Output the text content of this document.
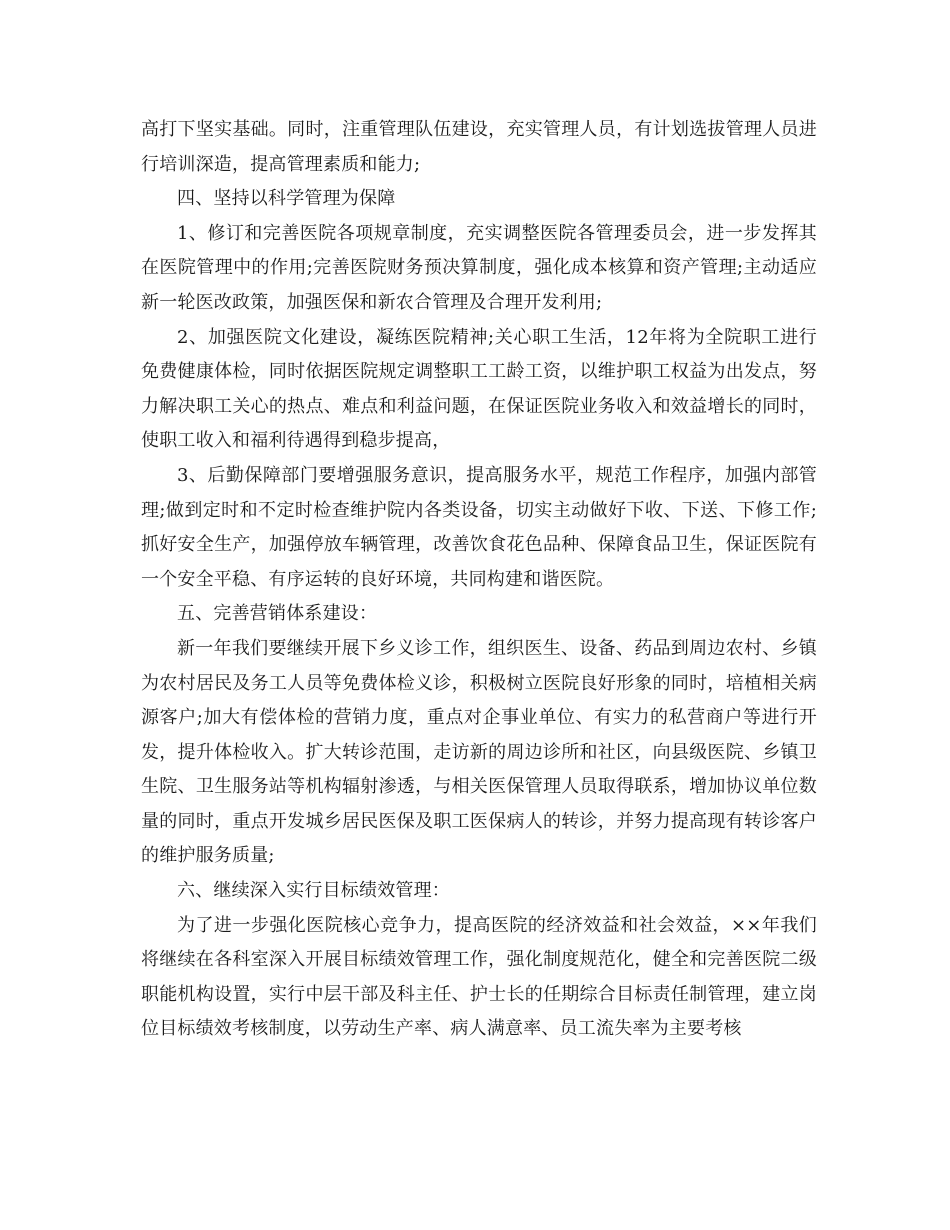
高打下坚实基础。同时，注重管理队伍建设，充实管理人员，有计划选拔管理人员进行培训深造，提高管理素质和能力;

四、坚持以科学管理为保障

1、修订和完善医院各项规章制度，充实调整医院各管理委员会，进一步发挥其在医院管理中的作用;完善医院财务预决算制度，强化成本核算和资产管理;主动适应新一轮医改政策，加强医保和新农合管理及合理开发利用;

2、加强医院文化建设，凝练医院精神;关心职工生活，12年将为全院职工进行免费健康体检，同时依据医院规定调整职工工龄工资，以维护职工权益为出发点，努力解决职工关心的热点、难点和利益问题，在保证医院业务收入和效益增长的同时，使职工收入和福利待遇得到稳步提高，

3、后勤保障部门要增强服务意识，提高服务水平，规范工作程序，加强内部管理;做到定时和不定时检查维护院内各类设备，切实主动做好下收、下送、下修工作;抓好安全生产，加强停放车辆管理，改善饮食花色品种、保障食品卫生，保证医院有一个安全平稳、有序运转的良好环境，共同构建和谐医院。

五、完善营销体系建设：

新一年我们要继续开展下乡义诊工作，组织医生、设备、药品到周边农村、乡镇为农村居民及务工人员等免费体检义诊，积极树立医院良好形象的同时，培植相关病源客户;加大有偿体检的营销力度，重点对企事业单位、有实力的私营商户等进行开发，提升体检收入。扩大转诊范围，走访新的周边诊所和社区，向县级医院、乡镇卫生院、卫生服务站等机构辐射渗透，与相关医保管理人员取得联系，增加协议单位数量的同时，重点开发城乡居民医保及职工医保病人的转诊，并努力提高现有转诊客户的维护服务质量;

六、继续深入实行目标绩效管理：

为了进一步强化医院核心竞争力，提高医院的经济效益和社会效益，××年我们将继续在各科室深入开展目标绩效管理工作，强化制度规范化，健全和完善医院二级职能机构设置，实行中层干部及科主任、护士长的任期综合目标责任制管理，建立岗位目标绩效考核制度，以劳动生产率、病人满意率、员工流失率为主要考核
